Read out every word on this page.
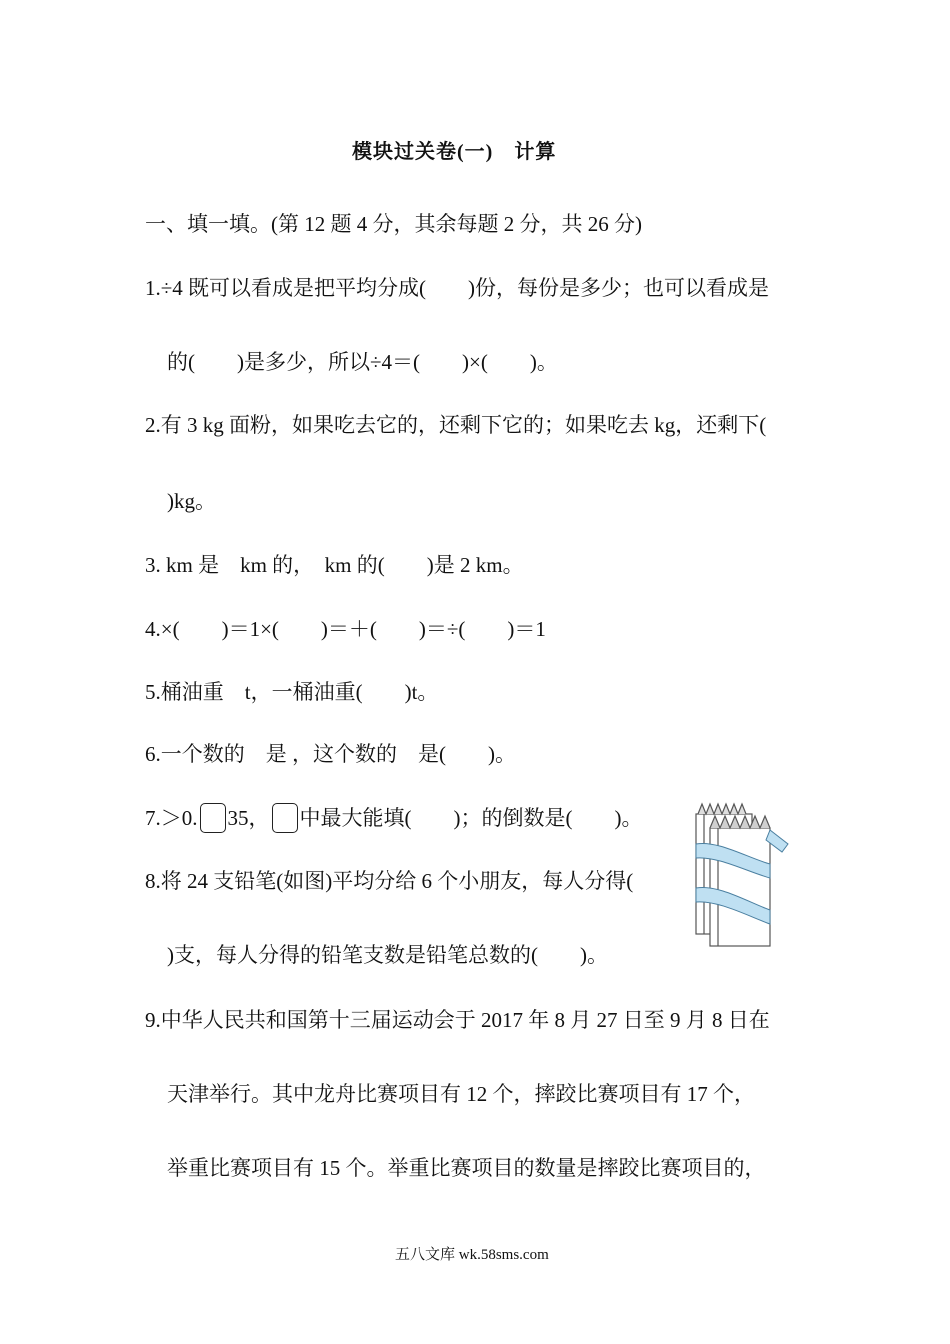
模块过关卷(一)　计算
一、填一填。(第 12 题 4 分，其余每题 2 分，共 26 分)
1.÷4 既可以看成是把平均分成(　　)份，每份是多少；也可以看成是
的(　　)是多少，所以÷4＝(　　)×(　　)。
2.有 3 kg 面粉，如果吃去它的，还剩下它的；如果吃去 kg，还剩下(
)kg。
3. km 是　km 的，　km 的(　　)是 2 km。
4.×(　　)＝1×(　　)＝＋(　　)＝÷(　　)＝1
5.桶油重　t，一桶油重(　　)t。
6.一个数的　是 ，这个数的　是(　　)。
7.＞0. 35， 中最大能填(　　)；的倒数是(　　)。
8.将 24 支铅笔(如图)平均分给 6 个小朋友，每人分得(
)支，每人分得的铅笔支数是铅笔总数的(　　)。
9.中华人民共和国第十三届运动会于 2017 年 8 月 27 日至 9 月 8 日在
天津举行。其中龙舟比赛项目有 12 个，摔跤比赛项目有 17 个，
举重比赛项目有 15 个。举重比赛项目的数量是摔跤比赛项目的，
五八文库 wk.58sms.com
